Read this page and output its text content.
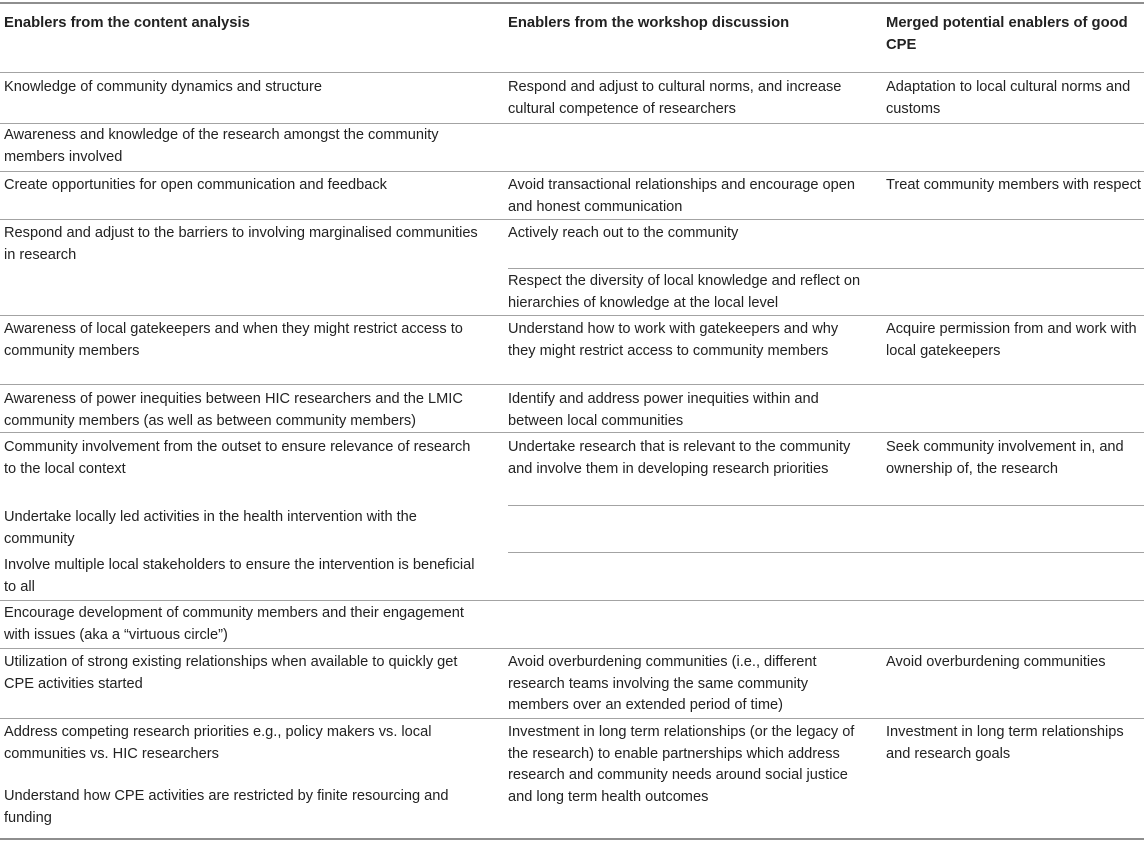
Enablers from the content analysis	Enablers from the workshop discussion	Merged potential enablers of good CPE

Knowledge of community dynamics and structure

Awareness and knowledge of the research amongst the community members involved

Create opportunities for open communication and feedback

Respond and adjust to the barriers to involving marginalised communities in research

Awareness of local gatekeepers and when they might restrict access to community members

Awareness of power inequities between HIC researchers and the LMIC community members (as well as between community members)

Community involvement from the outset to ensure relevance of research to the local context

Undertake locally led activities in the health intervention with the community

Involve multiple local stakeholders to ensure the intervention is beneficial to all

Encourage development of community members and their engagement with issues (aka a “virtuous circle”)

Utilization of strong existing relationships when available to quickly get CPE activities started

Address competing research priorities e.g., policy makers vs. local communities vs. HIC researchers

Understand how CPE activities are restricted by finite resourcing and funding

Respond and adjust to cultural norms, and increase cultural competence of researchers

Avoid transactional relationships and encourage open and honest communication

Actively reach out to the community

Respect the diversity of local knowledge and reflect on hierarchies of knowledge at the local level

Understand how to work with gatekeepers and why they might restrict access to community members

Identify and address power inequities within and between local communities

Undertake research that is relevant to the community and involve them in developing research priorities

Avoid overburdening communities (i.e., different research teams involving the same community members over an extended period of time)

Investment in long term relationships (or the legacy of the research) to enable partnerships which address research and community needs around social justice and long term health outcomes

Adaptation to local cultural norms and customs

Treat community members with respect

Acquire permission from and work with local gatekeepers

Seek community involvement in, and ownership of, the research

Avoid overburdening communities

Investment in long term relationships and research goals
